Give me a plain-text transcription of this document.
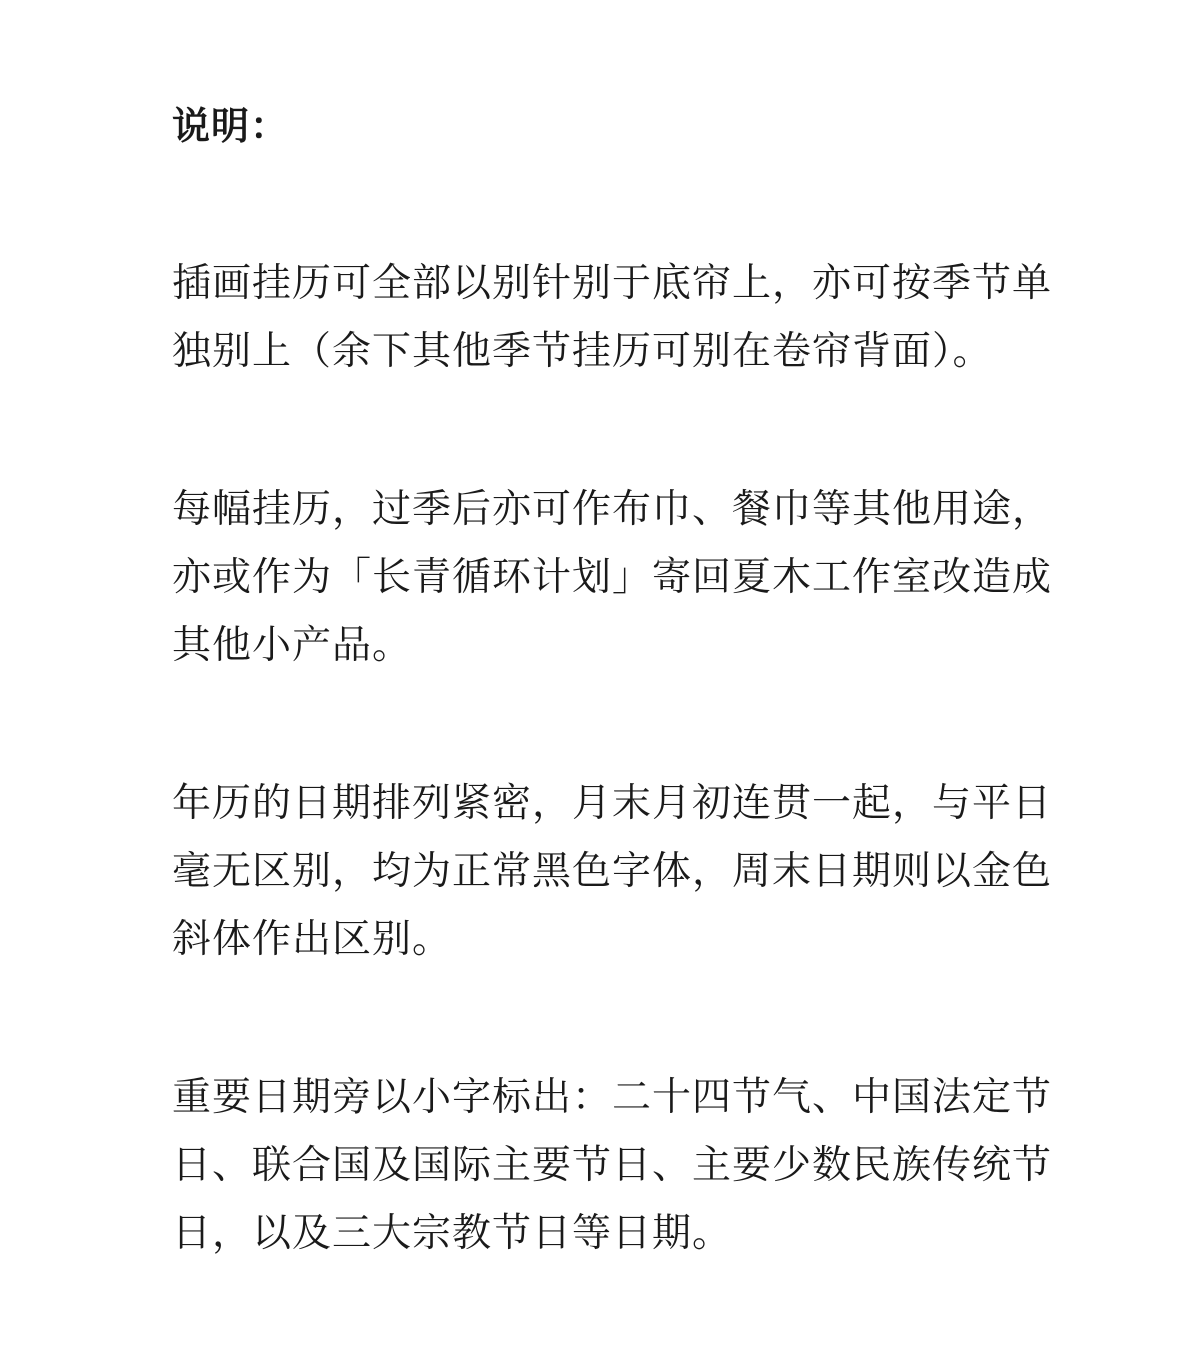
说明：
插画挂历可全部以别针别于底帘上，亦可按季节单
独别上（余下其他季节挂历可别在卷帘背面）。
每幅挂历，过季后亦可作布巾、餐巾等其他用途，
亦或作为「长青循环计划」寄回夏木工作室改造成
其他小产品。
年历的日期排列紧密，月末月初连贯一起，与平日
毫无区别，均为正常黑色字体，周末日期则以金色
斜体作出区别。
重要日期旁以小字标出：二十四节气、中国法定节
日、联合国及国际主要节日、主要少数民族传统节
日，以及三大宗教节日等日期。
